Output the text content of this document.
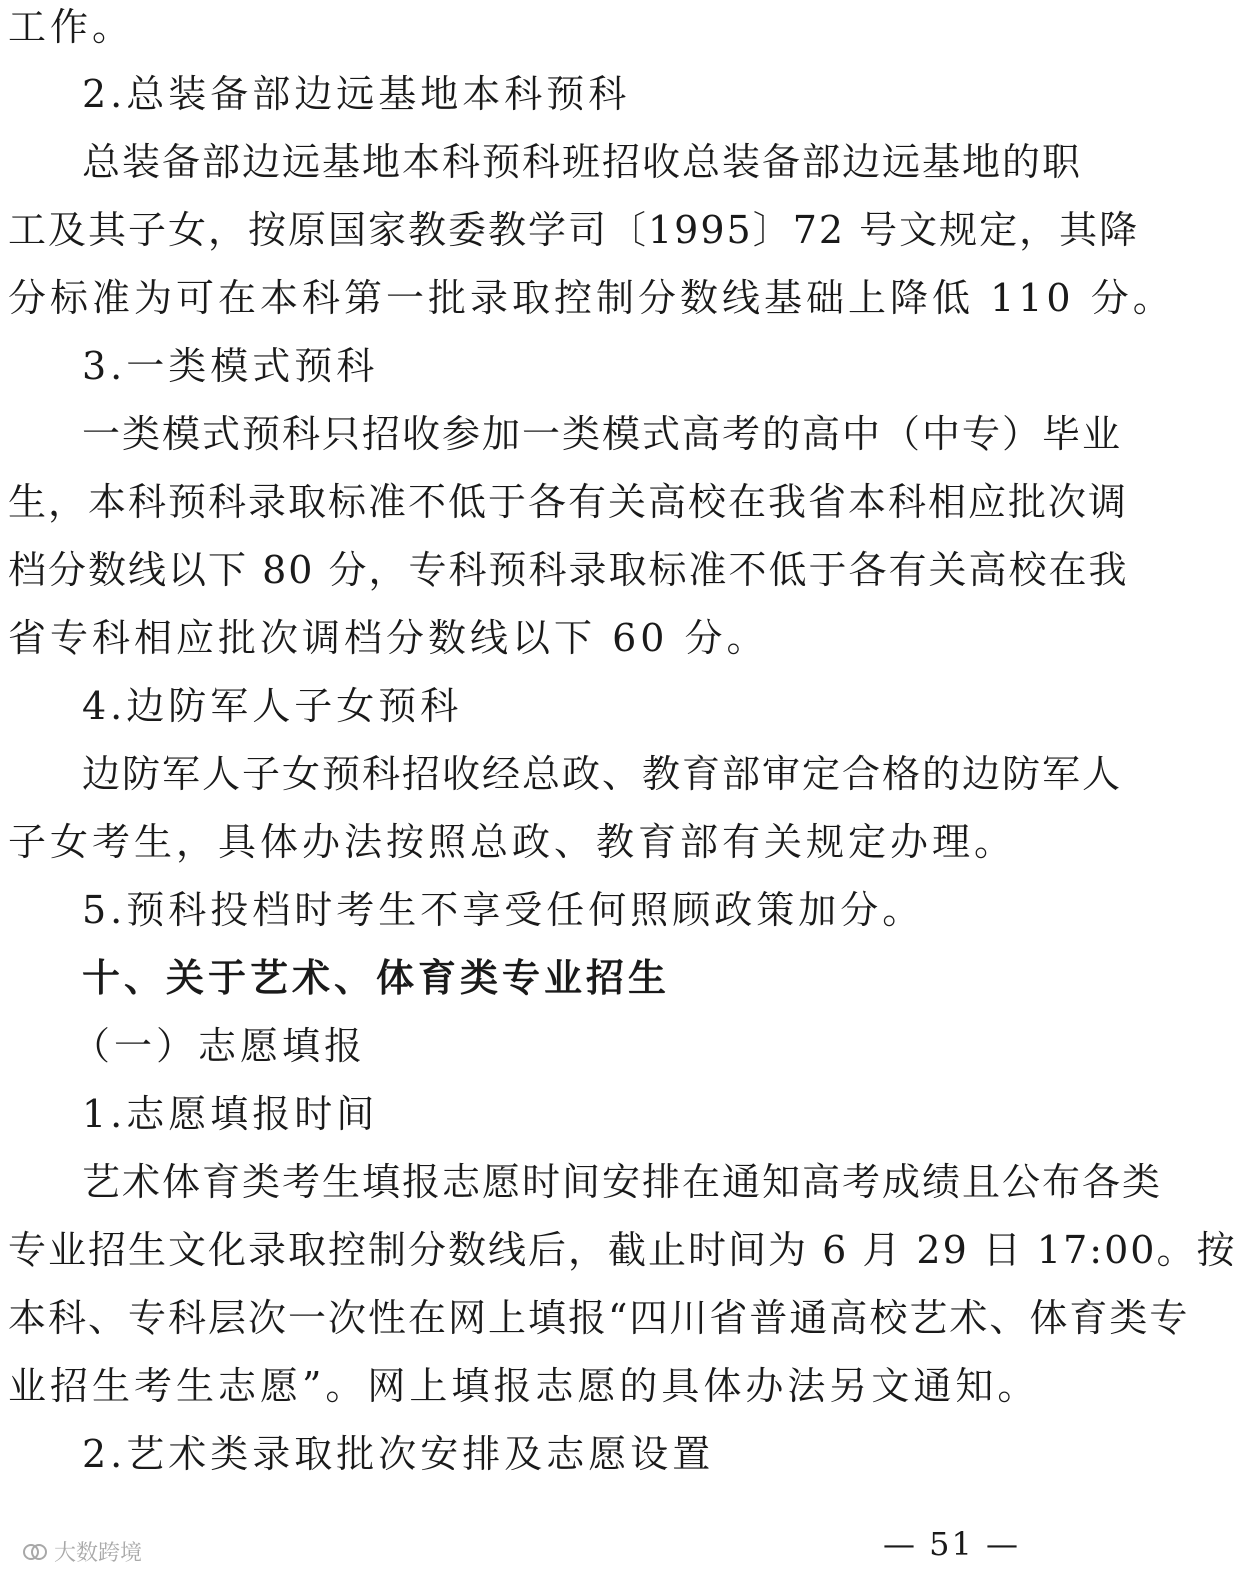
工作。
2.总装备部边远基地本科预科
总装备部边远基地本科预科班招收总装备部边远基地的职
工及其子女，按原国家教委教学司〔1995〕72 号文规定，其降
分标准为可在本科第一批录取控制分数线基础上降低 110 分。
3.一类模式预科
一类模式预科只招收参加一类模式高考的高中（中专）毕业
生，本科预科录取标准不低于各有关高校在我省本科相应批次调
档分数线以下 80 分，专科预科录取标准不低于各有关高校在我
省专科相应批次调档分数线以下 60 分。
4.边防军人子女预科
边防军人子女预科招收经总政、教育部审定合格的边防军人
子女考生，具体办法按照总政、教育部有关规定办理。
5.预科投档时考生不享受任何照顾政策加分。
十、关于艺术、体育类专业招生
（一）志愿填报
1.志愿填报时间
艺术体育类考生填报志愿时间安排在通知高考成绩且公布各类
专业招生文化录取控制分数线后，截止时间为 6 月 29 日 17:00。按
本科、专科层次一次性在网上填报“四川省普通高校艺术、体育类专
业招生考生志愿”。网上填报志愿的具体办法另文通知。
2.艺术类录取批次安排及志愿设置
大数跨境	— 51 —
